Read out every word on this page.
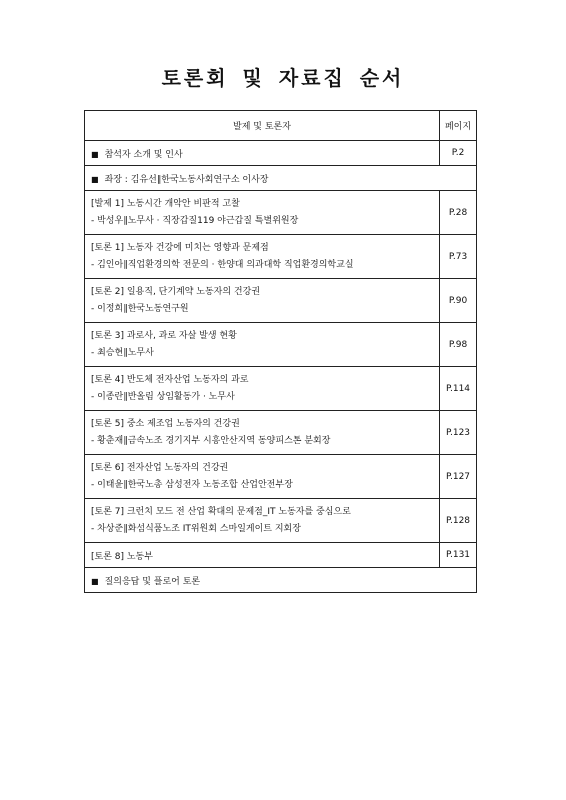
토론회 및 자료집 순서
발제 및 토론자	페이지
■ 참석자 소개 및 인사	P.2
■ 좌장 : 김유선∥한국노동사회연구소 이사장	

[발제 1] 노동시간 개악안 비판적 고찰
- 박성우∥노무사 · 직장갑질119 야근갑질 특별위원장	P.28

[토론 1] 노동자 건강에 미치는 영향과 문제점
- 김인아∥직업환경의학 전문의 · 한양대 의과대학 직업환경의학교실	P.73

[토론 2] 일용직, 단기계약 노동자의 건강권
- 이정희∥한국노동연구원	P.90

[토론 3] 과로사, 과로 자살 발생 현황
- 최승현∥노무사	P.98

[토론 4] 반도체 전자산업 노동자의 과로
- 이종란∥반올림 상임활동가 · 노무사	P.114

[토론 5] 중소 제조업 노동자의 건강권
- 황춘재∥금속노조 경기지부 시흥안산지역 동양피스톤 분회장	P.123

[토론 6] 전자산업 노동자의 건강권
- 이태윤∥한국노총 삼성전자 노동조합 산업안전부장	P.127

[토론 7] 크런치 모드 전 산업 확대의 문제점_IT 노동자를 중심으로
- 차상준∥화섬식품노조 IT위원회 스마일게이트 지회장	P.128
[토론 8] 노동부	P.131
■ 질의응답 및 플로어 토론	
